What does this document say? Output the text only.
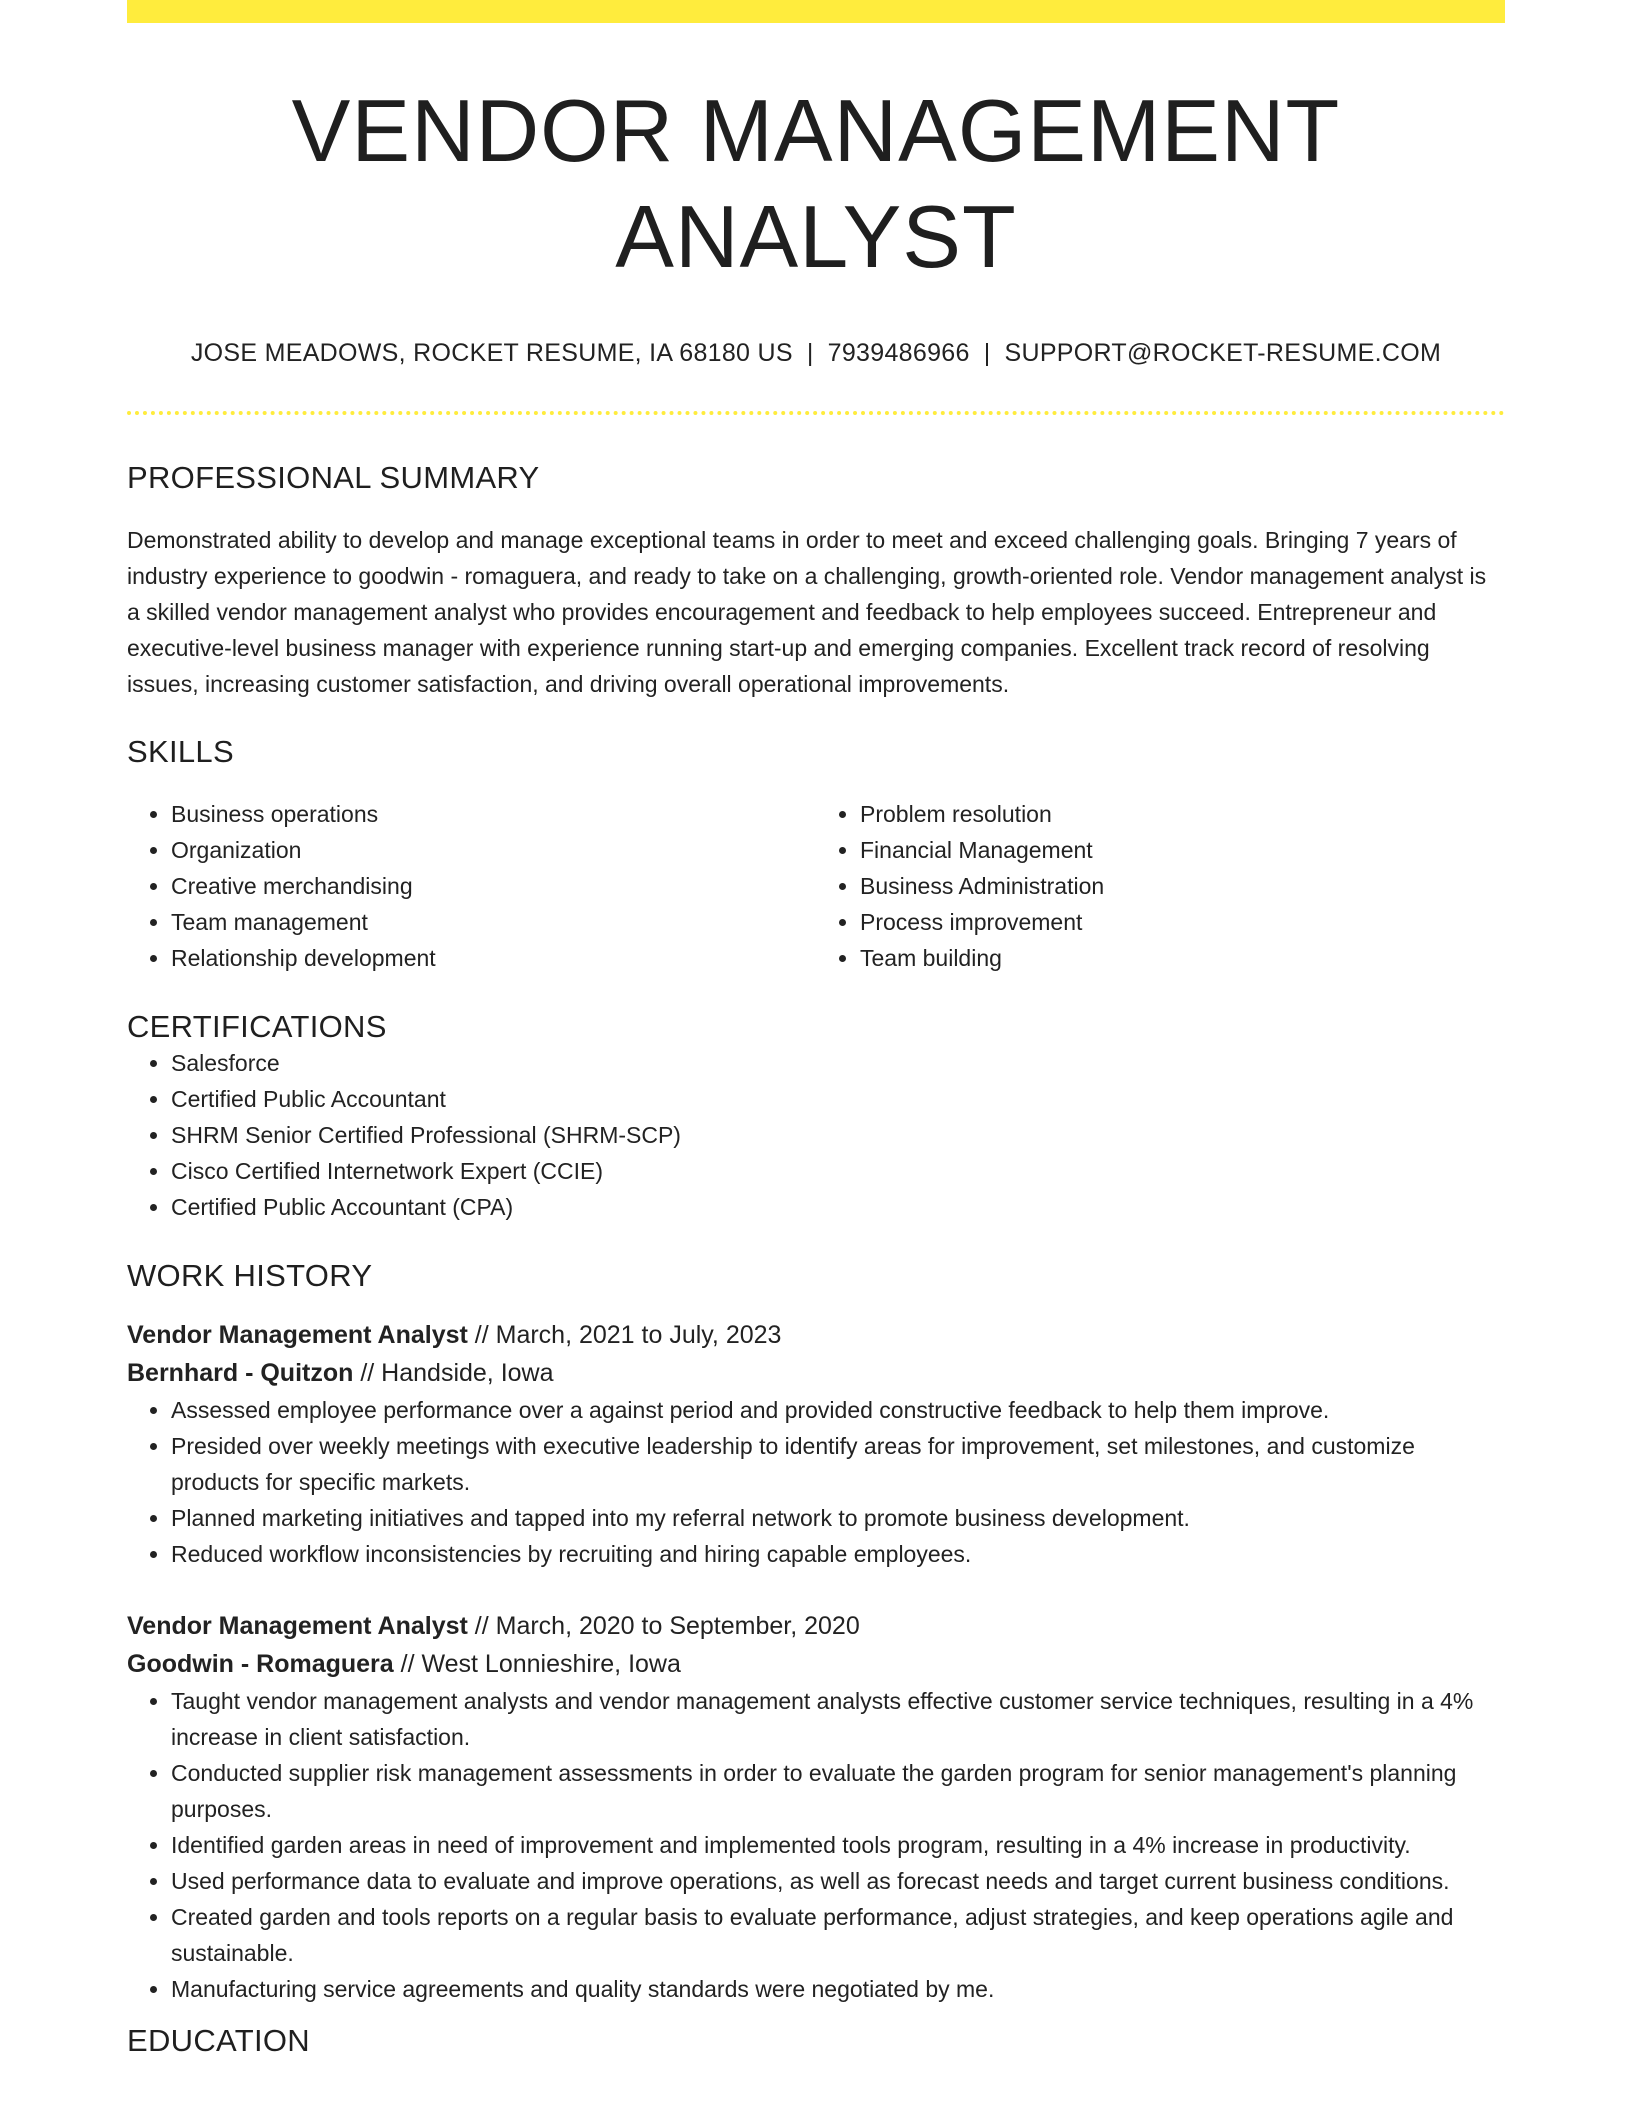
VENDOR MANAGEMENT ANALYST
JOSE MEADOWS, ROCKET RESUME, IA 68180 US | 7939486966 | SUPPORT@ROCKET-RESUME.COM
PROFESSIONAL SUMMARY
Demonstrated ability to develop and manage exceptional teams in order to meet and exceed challenging goals. Bringing 7 years of industry experience to goodwin - romaguera, and ready to take on a challenging, growth-oriented role. Vendor management analyst is a skilled vendor management analyst who provides encouragement and feedback to help employees succeed. Entrepreneur and executive-level business manager with experience running start-up and emerging companies. Excellent track record of resolving issues, increasing customer satisfaction, and driving overall operational improvements.
SKILLS
• Business operations
• Organization
• Creative merchandising
• Team management
• Relationship development
• Problem resolution
• Financial Management
• Business Administration
• Process improvement
• Team building
CERTIFICATIONS
• Salesforce
• Certified Public Accountant
• SHRM Senior Certified Professional (SHRM-SCP)
• Cisco Certified Internetwork Expert (CCIE)
• Certified Public Accountant (CPA)
WORK HISTORY
Vendor Management Analyst // March, 2021 to July, 2023
Bernhard - Quitzon // Handside, Iowa
• Assessed employee performance over a against period and provided constructive feedback to help them improve.
• Presided over weekly meetings with executive leadership to identify areas for improvement, set milestones, and customize products for specific markets.
• Planned marketing initiatives and tapped into my referral network to promote business development.
• Reduced workflow inconsistencies by recruiting and hiring capable employees.
Vendor Management Analyst // March, 2020 to September, 2020
Goodwin - Romaguera // West Lonnieshire, Iowa
• Taught vendor management analysts and vendor management analysts effective customer service techniques, resulting in a 4% increase in client satisfaction.
• Conducted supplier risk management assessments in order to evaluate the garden program for senior management's planning purposes.
• Identified garden areas in need of improvement and implemented tools program, resulting in a 4% increase in productivity.
• Used performance data to evaluate and improve operations, as well as forecast needs and target current business conditions.
• Created garden and tools reports on a regular basis to evaluate performance, adjust strategies, and keep operations agile and sustainable.
• Manufacturing service agreements and quality standards were negotiated by me.
EDUCATION
